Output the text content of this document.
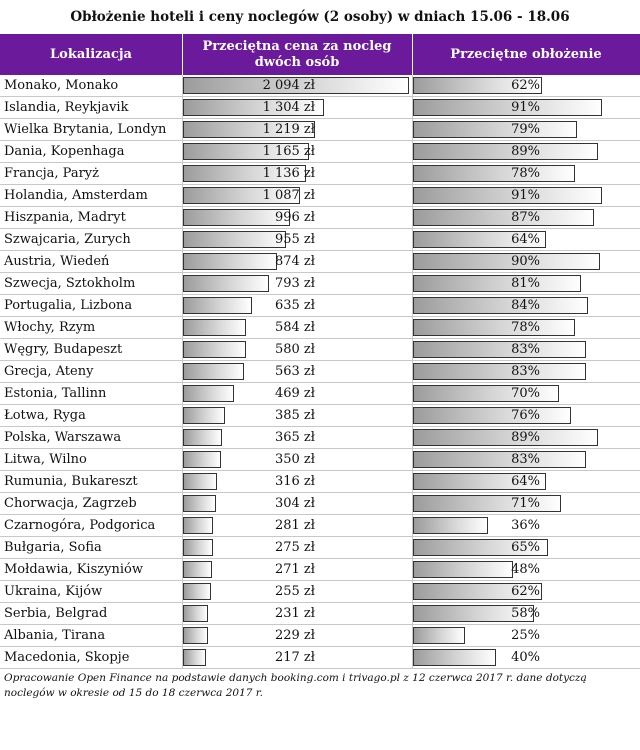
Obłożenie hoteli i ceny noclegów (2 osoby) w dniach 15.06 - 18.06
Lokalizacja
Przeciętna cena za nocleg dwóch osób
Przeciętne obłożenie
Monako, Monako	2 094 zł	62%
Islandia, Reykjavik	1 304 zł	91%
Wielka Brytania, Londyn	1 219 zł	79%
Dania, Kopenhaga	1 165 zł	89%
Francja, Paryż	1 136 zł	78%
Holandia, Amsterdam	1 087 zł	91%
Hiszpania, Madryt	996 zł	87%
Szwajcaria, Zurych	955 zł	64%
Austria, Wiedeń	874 zł	90%
Szwecja, Sztokholm	793 zł	81%
Portugalia, Lizbona	635 zł	84%
Włochy, Rzym	584 zł	78%
Węgry, Budapeszt	580 zł	83%
Grecja, Ateny	563 zł	83%
Estonia, Tallinn	469 zł	70%
Łotwa, Ryga	385 zł	76%
Polska, Warszawa	365 zł	89%
Litwa, Wilno	350 zł	83%
Rumunia, Bukareszt	316 zł	64%
Chorwacja, Zagrzeb	304 zł	71%
Czarnogóra, Podgorica	281 zł	36%
Bułgaria, Sofia	275 zł	65%
Mołdawia, Kiszyniów	271 zł	48%
Ukraina, Kijów	255 zł	62%
Serbia, Belgrad	231 zł	58%
Albania, Tirana	229 zł	25%
Macedonia, Skopje	217 zł	40%
Opracowanie Open Finance na podstawie danych booking.com i trivago.pl z 12 czerwca 2017 r. dane dotyczą noclegów w okresie od 15 do 18 czerwca 2017 r.
